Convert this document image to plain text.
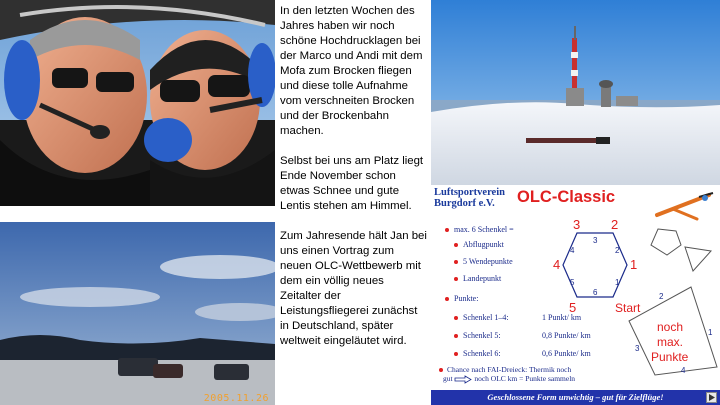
In den letzten Wochen des Jahres haben wir noch schöne Hochdrucklagen bei der Marco und Andi mit dem Mofa zum Brocken fliegen und diese tolle Aufnahme vom verschneiten Brocken und der Brockenbahn machen.

Selbst bei uns am Platz liegt Ende November schon etwas Schnee und gute Lentis stehen am Himmel.

Zum Jahresende hält Jan bei uns einen Vortrag zum neuen OLC-Wettbewerb mit dem ein völlig neues Zeitalter der Leistungsfliegerei zunächst in Deutschland, später weltweit eingeläutet wird.

2005.11.26
Luftsportverein
Burgdorf e.V.	OLC-Classic
max. 6 Schenkel =
Abflugpunkt
5 Wendepunkte
Landepunkt
Punkte:
Schenkel 1–4:	1 Punkt/ km
Schenkel 5:	0,8 Punkte/ km
Schenkel 6:	0,6 Punkte/ km
Chance nach FAI-Dreieck: Thermik noch
gut	noch OLC km = Punkte sammeln
3 2
1
4
5
3
4	2
5	1
6
Start
noch
max.
Punkte
2
1
3
4
Geschlossene Form unwichtig – gut für Zielflüge!
